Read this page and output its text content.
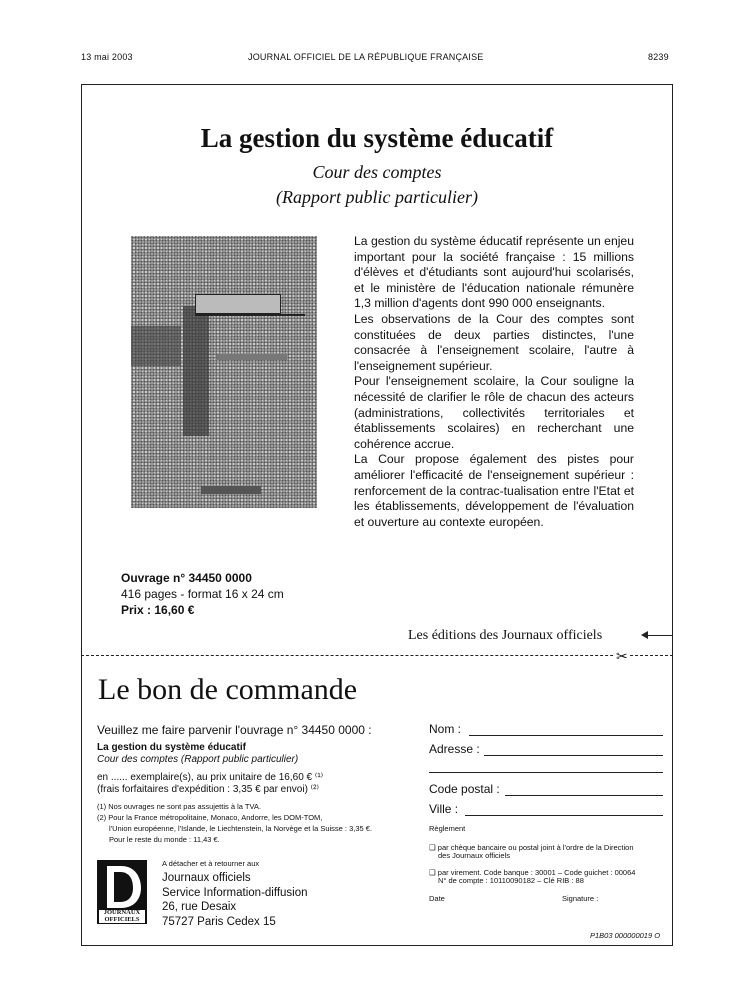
13 mai 2003	JOURNAL OFFICIEL DE LA RÉPUBLIQUE FRANÇAISE	8239
La gestion du système éducatif
Cour des comptes
(Rapport public particulier)

La gestion du système éducatif représente un enjeu important pour la société française : 15 millions d'élèves et d'étudiants sont aujourd'hui scolarisés, et le ministère de l'éducation nationale rémunère 1,3 million d'agents dont 990 000 enseignants.

Les observations de la Cour des comptes sont constituées de deux parties distinctes, l'une consacrée à l'enseignement scolaire, l'autre à l'enseignement supérieur.

Pour l'enseignement scolaire, la Cour souligne la nécessité de clarifier le rôle de chacun des acteurs (administrations, collectivités territoriales et établissements scolaires) en recherchant une cohérence accrue.

La Cour propose également des pistes pour améliorer l'efficacité de l'enseignement supérieur : renforcement de la contrac-tualisation entre l'Etat et les établissements, développement de l'évaluation et ouverture au contexte européen.

Ouvrage n° 34450 0000
416 pages - format 16 x 24 cm
Prix : 16,60 €
Les éditions des Journaux officiels
✂
Le bon de commande
Veuillez me faire parvenir l'ouvrage n° 34450 0000 :
La gestion du système éducatif
Cour des comptes (Rapport public particulier)
en ...... exemplaire(s), au prix unitaire de 16,60 € ⁽¹⁾
(frais forfaitaires d'expédition : 3,35 € par envoi) ⁽²⁾
(1) Nos ouvrages ne sont pas assujettis à la TVA.
(2) Pour la France métropolitaine, Monaco, Andorre, les DOM-TOM,
l'Union européenne, l'Islande, le Liechtenstein, la Norvège et la Suisse : 3,35 €.
Pour le reste du monde : 11,43 €.
A détacher et à retourner aux
Journaux officiels
Service Information-diffusion
26, rue Desaix
75727 Paris Cedex 15
JOURNAUX
OFFICIELS
Nom :
Adresse :
Code postal :
Ville :
Règlement
❑ par chèque bancaire ou postal joint à l'ordre de la Direction
des Journaux officiels
❑ par virement. Code banque : 30001 – Code guichet : 00064
N° de compte : 10110090182 – Clé RIB : 88
Date	Signature :
P1B03 000000019 O
